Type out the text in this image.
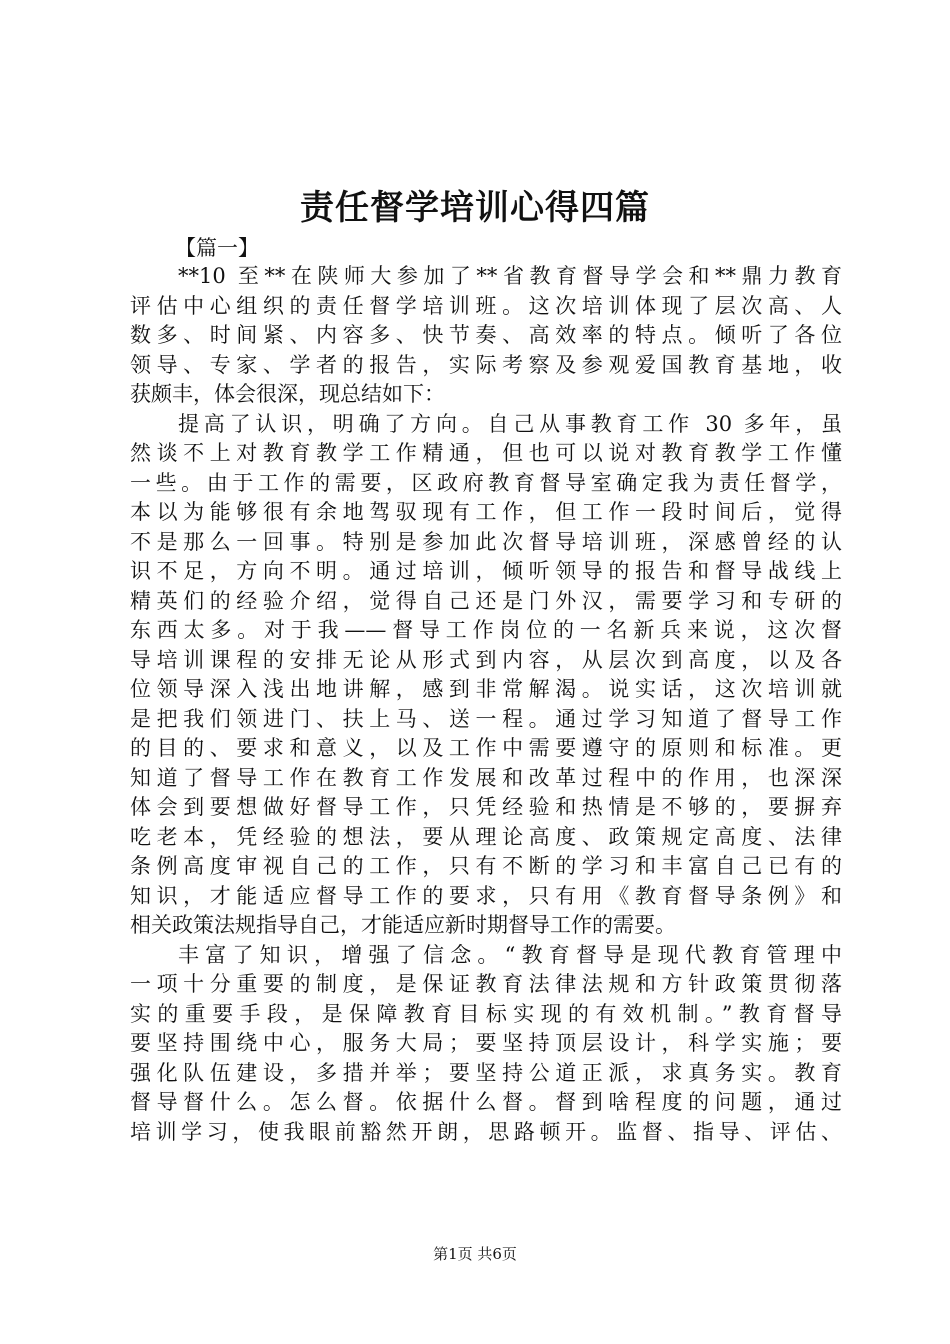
责任督学培训心得四篇

【篇一】

**10 至**在陕师大参加了**省教育督导学会和**鼎力教育
评估中心组织的责任督学培训班。这次培训体现了层次高、人
数多、时间紧、内容多、快节奏、高效率的特点。倾听了各位
领导、专家、学者的报告，实际考察及参观爱国教育基地，收
获颇丰，体会很深，现总结如下：
提高了认识，明确了方向。自己从事教育工作 30 多年，虽
然谈不上对教育教学工作精通，但也可以说对教育教学工作懂
一些。由于工作的需要，区政府教育督导室确定我为责任督学，
本以为能够很有余地驾驭现有工作，但工作一段时间后，觉得
不是那么一回事。特别是参加此次督导培训班，深感曾经的认
识不足，方向不明。通过培训，倾听领导的报告和督导战线上
精英们的经验介绍，觉得自己还是门外汉，需要学习和专研的
东西太多。对于我——督导工作岗位的一名新兵来说，这次督
导培训课程的安排无论从形式到内容，从层次到高度，以及各
位领导深入浅出地讲解，感到非常解渴。说实话，这次培训就
是把我们领进门、扶上马、送一程。通过学习知道了督导工作
的目的、要求和意义，以及工作中需要遵守的原则和标准。更
知道了督导工作在教育工作发展和改革过程中的作用，也深深
体会到要想做好督导工作，只凭经验和热情是不够的，要摒弃
吃老本，凭经验的想法，要从理论高度、政策规定高度、法律
条例高度审视自己的工作，只有不断的学习和丰富自己已有的
知识，才能适应督导工作的要求，只有用《教育督导条例》和
相关政策法规指导自己，才能适应新时期督导工作的需要。
丰富了知识，增强了信念。“教育督导是现代教育管理中
一项十分重要的制度，是保证教育法律法规和方针政策贯彻落
实的重要手段，是保障教育目标实现的有效机制。”教育督导
要坚持围绕中心，服务大局；要坚持顶层设计，科学实施；要
强化队伍建设，多措并举；要坚持公道正派，求真务实。教育
督导督什么。怎么督。依据什么督。督到啥程度的问题，通过
培训学习，使我眼前豁然开朗，思路顿开。监督、指导、评估、
第1页 共6页
